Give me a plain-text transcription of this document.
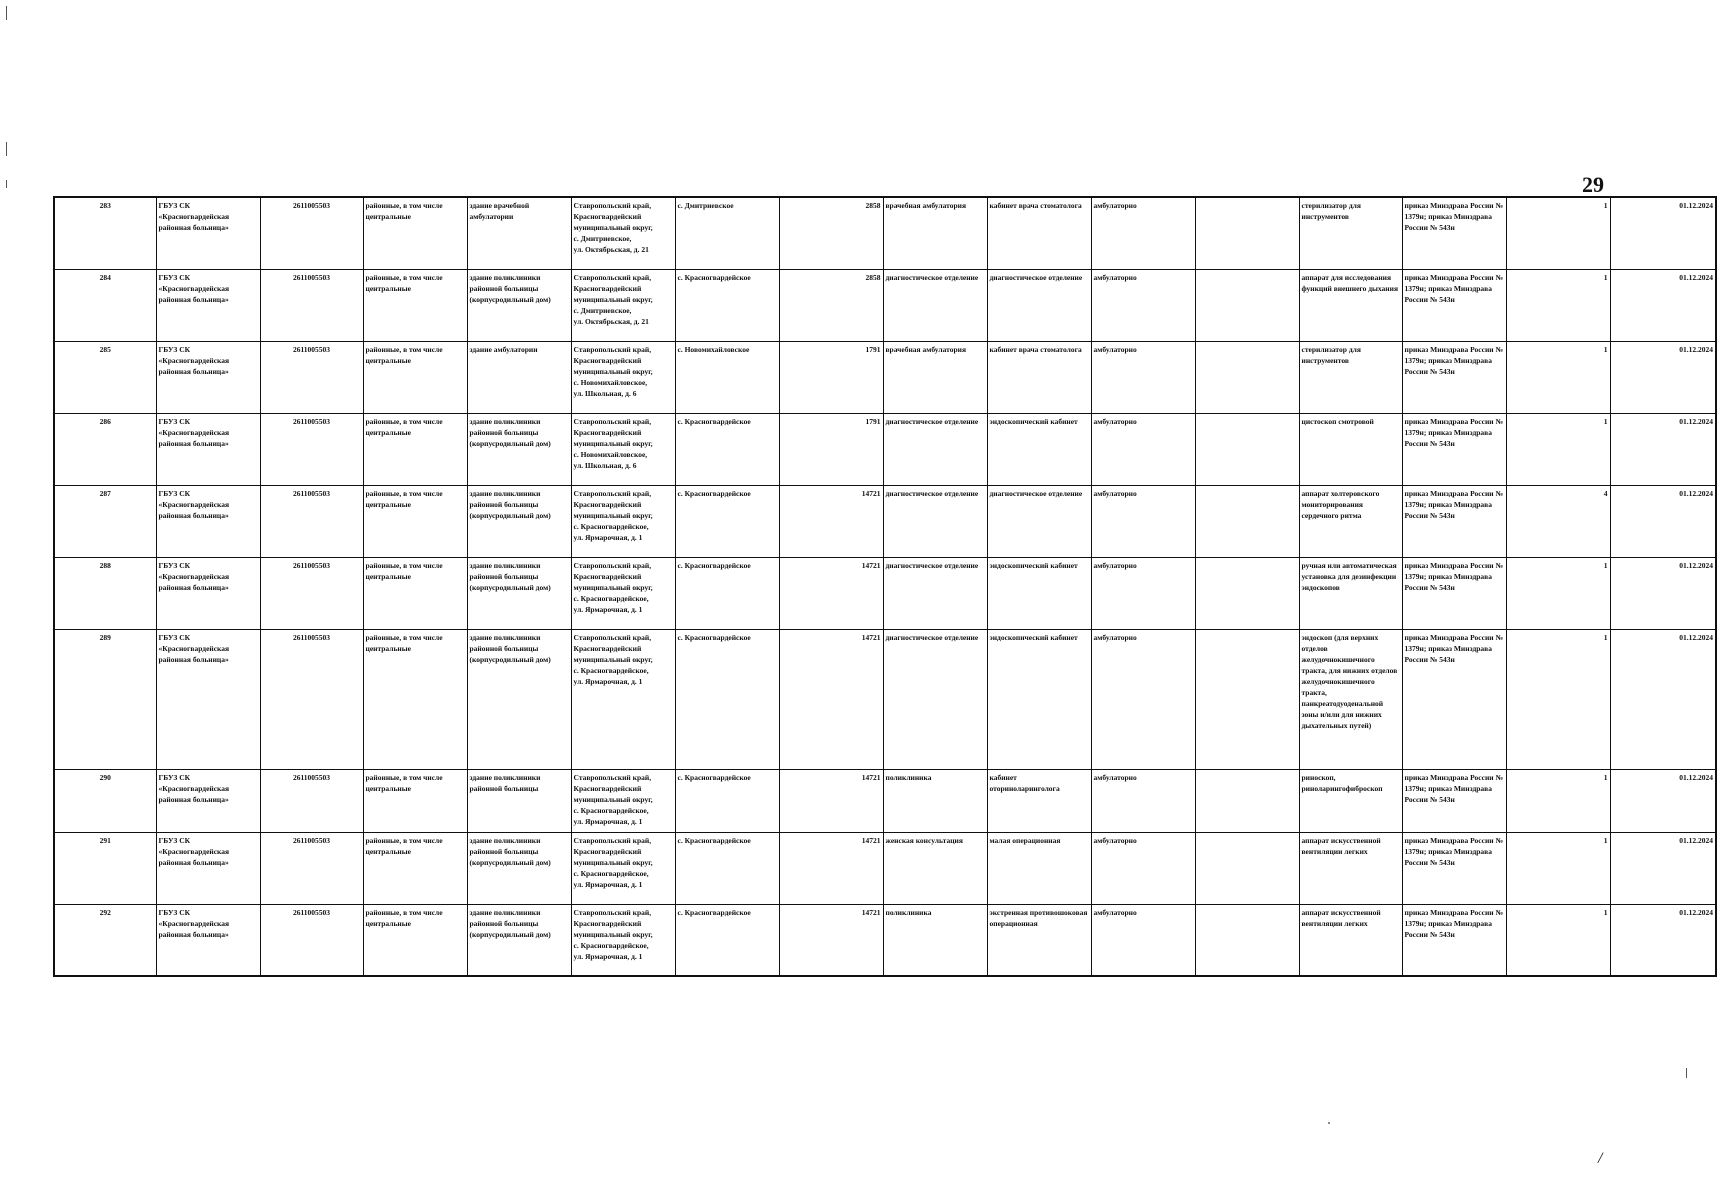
29
283	ГБУЗ СК «Красногвардейская районная больница»	2611005503	районные, в том числе центральные	здание врачебной амбулатории	Ставропольский край,
Красногвардейский
муниципальный округ,
с. Дмитриевское,
ул. Октябрьская, д. 21	с. Дмитриевское	2858	врачебная амбулатория	кабинет врача стоматолога	амбулаторно		стерилизатор для инструментов	приказ Минздрава России № 1379н; приказ Минздрава России № 543н	1	01.12.2024
284	ГБУЗ СК «Красногвардейская районная больница»	2611005503	районные, в том числе центральные	здание поликлиники районной больницы (корпусродильный дом)	Ставропольский край,
Красногвардейский
муниципальный округ,
с. Дмитриевское,
ул. Октябрьская, д. 21	с. Красногвардейское	2858	диагностическое отделение	диагностическое отделение	амбулаторно		аппарат для исследования функций внешнего дыхания	приказ Минздрава России № 1379н; приказ Минздрава России № 543н	1	01.12.2024
285	ГБУЗ СК «Красногвардейская районная больница»	2611005503	районные, в том числе центральные	здание амбулатории	Ставропольский край,
Красногвардейский
муниципальный округ,
с. Новомихайловское,
ул. Школьная, д. 6	с. Новомихайловское	1791	врачебная амбулатория	кабинет врача стоматолога	амбулаторно		стерилизатор для инструментов	приказ Минздрава России № 1379н; приказ Минздрава России № 543н	1	01.12.2024
286	ГБУЗ СК «Красногвардейская районная больница»	2611005503	районные, в том числе центральные	здание поликлиники районной больницы (корпусродильный дом)	Ставропольский край,
Красногвардейский
муниципальный округ,
с. Новомихайловское,
ул. Школьная, д. 6	с. Красногвардейское	1791	диагностическое отделение	эндоскопический кабинет	амбулаторно		цистоскоп смотровой	приказ Минздрава России № 1379н; приказ Минздрава России № 543н	1	01.12.2024
287	ГБУЗ СК «Красногвардейская районная больница»	2611005503	районные, в том числе центральные	здание поликлиники районной больницы (корпусродильный дом)	Ставропольский край,
Красногвардейский
муниципальный округ,
с. Красногвардейское,
ул. Ярмарочная, д. 1	с. Красногвардейское	14721	диагностическое отделение	диагностическое отделение	амбулаторно		аппарат холтеровского мониторирования сердечного ритма	приказ Минздрава России № 1379н; приказ Минздрава России № 543н	4	01.12.2024
288	ГБУЗ СК «Красногвардейская районная больница»	2611005503	районные, в том числе центральные	здание поликлиники районной больницы (корпусродильный дом)	Ставропольский край,
Красногвардейский
муниципальный округ,
с. Красногвардейское,
ул. Ярмарочная, д. 1	с. Красногвардейское	14721	диагностическое отделение	эндоскопический кабинет	амбулаторно		ручная или автоматическая установка для дезинфекции эндоскопов	приказ Минздрава России № 1379н; приказ Минздрава России № 543н	1	01.12.2024
289	ГБУЗ СК «Красногвардейская районная больница»	2611005503	районные, в том числе центральные	здание поликлиники районной больницы (корпусродильный дом)	Ставропольский край,
Красногвардейский
муниципальный округ,
с. Красногвардейское,
ул. Ярмарочная, д. 1	с. Красногвардейское	14721	диагностическое отделение	эндоскопический кабинет	амбулаторно		эндоскоп (для верхних отделов желудочнокишечного тракта, для нижних отделов желудочнокишечного тракта, панкреатодуоденальной зоны и/или для нижних дыхательных путей)	приказ Минздрава России № 1379н; приказ Минздрава России № 543н	1	01.12.2024
290	ГБУЗ СК «Красногвардейская районная больница»	2611005503	районные, в том числе центральные	здание поликлиники районной больницы	Ставропольский край,
Красногвардейский
муниципальный округ,
с. Красногвардейское,
ул. Ярмарочная, д. 1	с. Красногвардейское	14721	поликлиника	кабинет оториноларинголога	амбулаторно		риноскоп, риноларингофиброскоп	приказ Минздрава России № 1379н; приказ Минздрава России № 543н	1	01.12.2024
291	ГБУЗ СК «Красногвардейская районная больница»	2611005503	районные, в том числе центральные	здание поликлиники районной больницы (корпусродильный дом)	Ставропольский край,
Красногвардейский
муниципальный округ,
с. Красногвардейское,
ул. Ярмарочная, д. 1	с. Красногвардейское	14721	женская консультация	малая операционная	амбулаторно		аппарат искусственной вентиляции легких	приказ Минздрава России № 1379н; приказ Минздрава России № 543н	1	01.12.2024
292	ГБУЗ СК «Красногвардейская районная больница»	2611005503	районные, в том числе центральные	здание поликлиники районной больницы (корпусродильный дом)	Ставропольский край,
Красногвардейский
муниципальный округ,
с. Красногвардейское,
ул. Ярмарочная, д. 1	с. Красногвардейское	14721	поликлиника	экстренная противошоковая операционная	амбулаторно		аппарат искусственной вентиляции легких	приказ Минздрава России № 1379н; приказ Минздрава России № 543н	1	01.12.2024
/
